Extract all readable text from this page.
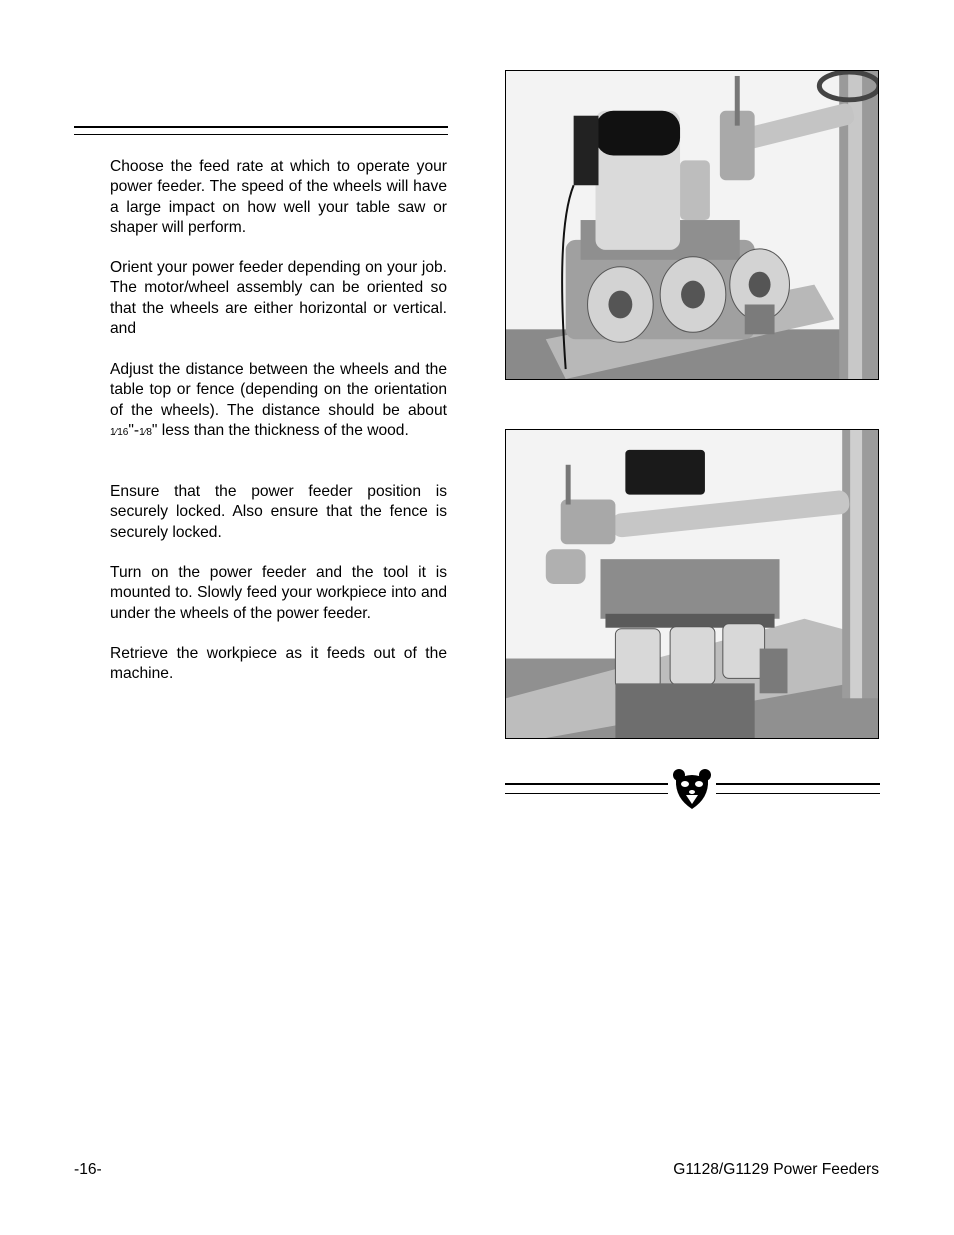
Choose the feed rate at which to operate your power feeder. The speed of the wheels will have a large impact on how well your table saw or shaper will perform.

Orient your power feeder depending on your job. The motor/wheel assembly can be oriented so that the wheels are either horizontal or vertical. and

Adjust the distance between the wheels and the table top or fence (depending on the orientation of the wheels). The distance should be about 1⁄16"-1⁄8" less than the thickness of the wood.

Ensure that the power feeder position is securely locked. Also ensure that the fence is securely locked.

Turn on the power feeder and the tool it is mounted to. Slowly feed your workpiece into and under the wheels of the power feeder.

Retrieve the workpiece as it feeds out of the machine.

-16-	G1128/G1129 Power Feeders
